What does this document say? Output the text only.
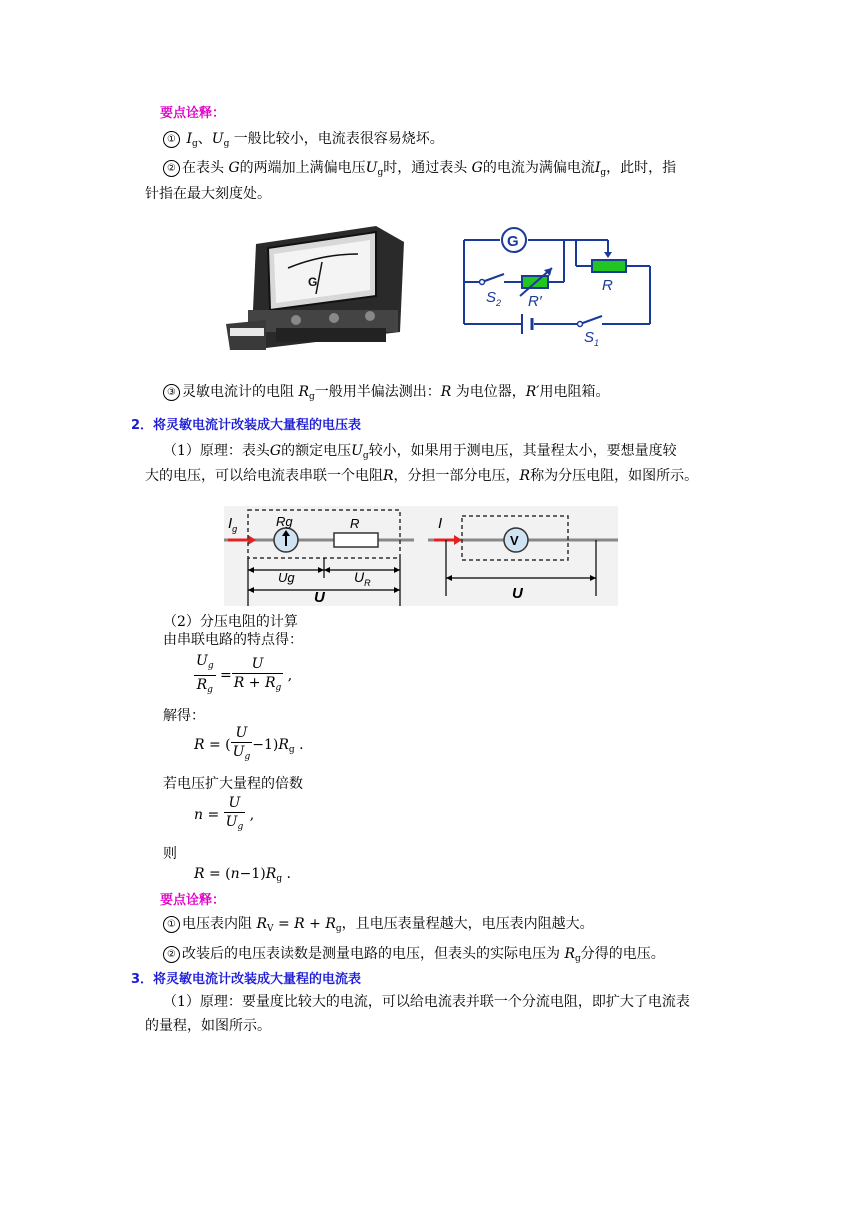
要点诠释：
① $I_g$、$U_g$ 一般比较小，电流表很容易烧坏。
② 在表头 G的两端加上满偏电压$U_g$时，通过表头 G的电流为满偏电流$I_g$，此时，指
针指在最大刻度处。
G
G
$S_2$ R′
R
$S_1$
③ 灵敏电流计的电阻 $R_g$一般用半偏法测出：R 为电位器，R′用电阻箱。
2．将灵敏电流计改装成大量程的电压表
（1）原理：表头G的额定电压$U_g$较小，如果用于测电压，其量程太小，要想量度较
大的电压，可以给电流表串联一个电阻R，分担一部分电压，R称为分压电阻，如图所示。
$I_g$	Rg	R
Ug	$U_R$
U
V
I
U
（2）分压电阻的计算
由串联电路的特点得：
$\frac{U_g}{R_g} = \frac{U}{R + R_g}$ ,
解得：
R = ( $\frac{U}{U_g} -1)R_g$ .
若电压扩大量程的倍数
$n = \frac{U}{U_g}$ ,
则
$R = (n-1)R_g$ .
要点诠释：
① 电压表内阻 $R_V = R + R_g$，且电压表量程越大，电压表内阻越大。
② 改装后的电压表读数是测量电路的电压，但表头的实际电压为 $R_g$分得的电压。
3．将灵敏电流计改装成大量程的电流表
（1）原理：要量度比较大的电流，可以给电流表并联一个分流电阻，即扩大了电流表
的量程，如图所示。
